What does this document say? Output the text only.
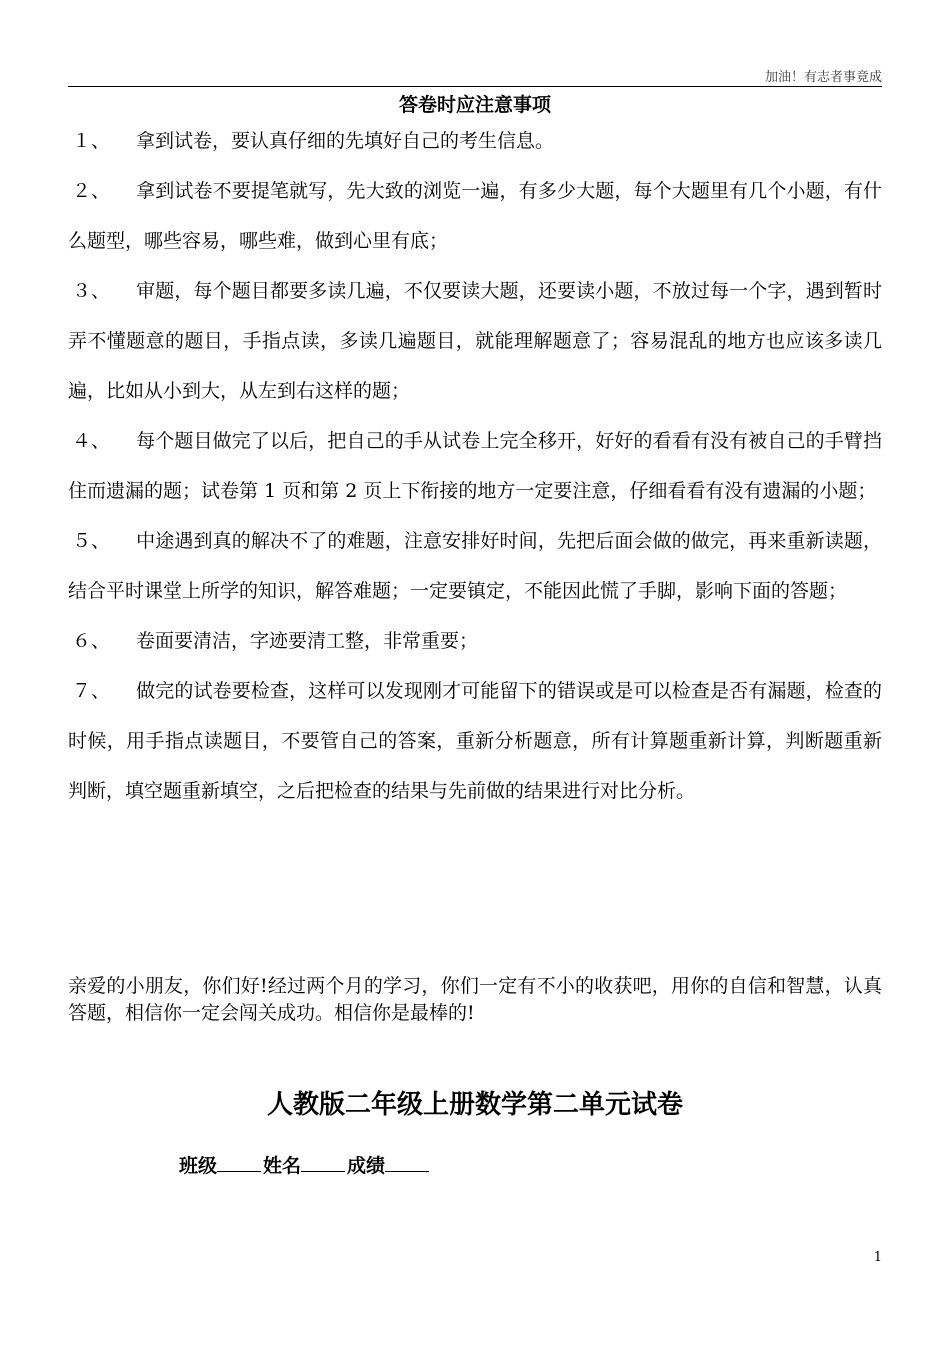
加油！有志者事竟成
答卷时应注意事项

１、 拿到试卷，要认真仔细的先填好自己的考生信息。

２、 拿到试卷不要提笔就写，先大致的浏览一遍，有多少大题，每个大题里有几个小题，有什么题型，哪些容易，哪些难，做到心里有底；

３、 审题，每个题目都要多读几遍，不仅要读大题，还要读小题，不放过每一个字，遇到暂时弄不懂题意的题目，手指点读，多读几遍题目，就能理解题意了；容易混乱的地方也应该多读几遍，比如从小到大，从左到右这样的题；

４、 每个题目做完了以后，把自己的手从试卷上完全移开，好好的看看有没有被自己的手臂挡住而遗漏的题；试卷第 1 页和第 2 页上下衔接的地方一定要注意，仔细看看有没有遗漏的小题；

５、 中途遇到真的解决不了的难题，注意安排好时间，先把后面会做的做完，再来重新读题，结合平时课堂上所学的知识，解答难题；一定要镇定，不能因此慌了手脚，影响下面的答题；

６、 卷面要清洁，字迹要清工整，非常重要；

７、 做完的试卷要检查，这样可以发现刚才可能留下的错误或是可以检查是否有漏题，检查的时候，用手指点读题目，不要管自己的答案，重新分析题意，所有计算题重新计算，判断题重新判断，填空题重新填空，之后把检查的结果与先前做的结果进行对比分析。

亲爱的小朋友，你们好!经过两个月的学习，你们一定有不小的收获吧，用你的自信和智慧，认真答题，相信你一定会闯关成功。相信你是最棒的!

人教版二年级上册数学第二单元试卷
班级 姓名 成绩
1
